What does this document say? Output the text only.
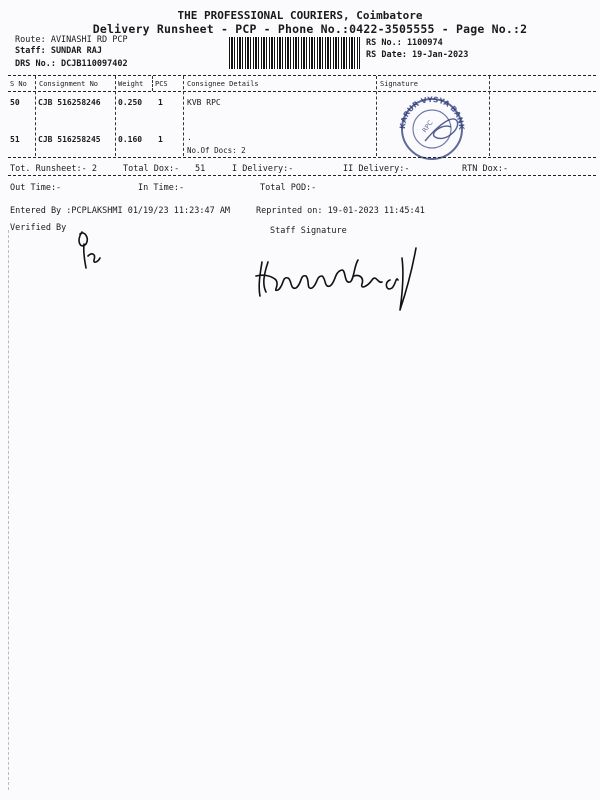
THE PROFESSIONAL COURIERS, Coimbatore
Delivery Runsheet - PCP - Phone No.:0422-3505555 - Page No.:2
Route: AVINASHI RD PCP
Staff: SUNDAR RAJ
DRS No.: DCJB110097402
RS No.: 1100974
RS Date: 19-Jan-2023
S No Consignment No	Weight PCS	Consignee Details	Signature
50 CJB 516258246 0.250 1	KVB RPC
51 CJB 516258245 0.160 1	.
No.Of Docs: 2
KARUR VYSYA BANK
RPC
Tot. Runsheet:- 2	Total Dox:- 51	I Delivery:-	II Delivery:-	RTN Dox:-
Out Time:-	In Time:-	Total POD:-
Entered By :PCPLAKSHMI 01/19/23 11:23:47 AM	Reprinted on: 19-01-2023 11:45:41
Verified By	Staff Signature
